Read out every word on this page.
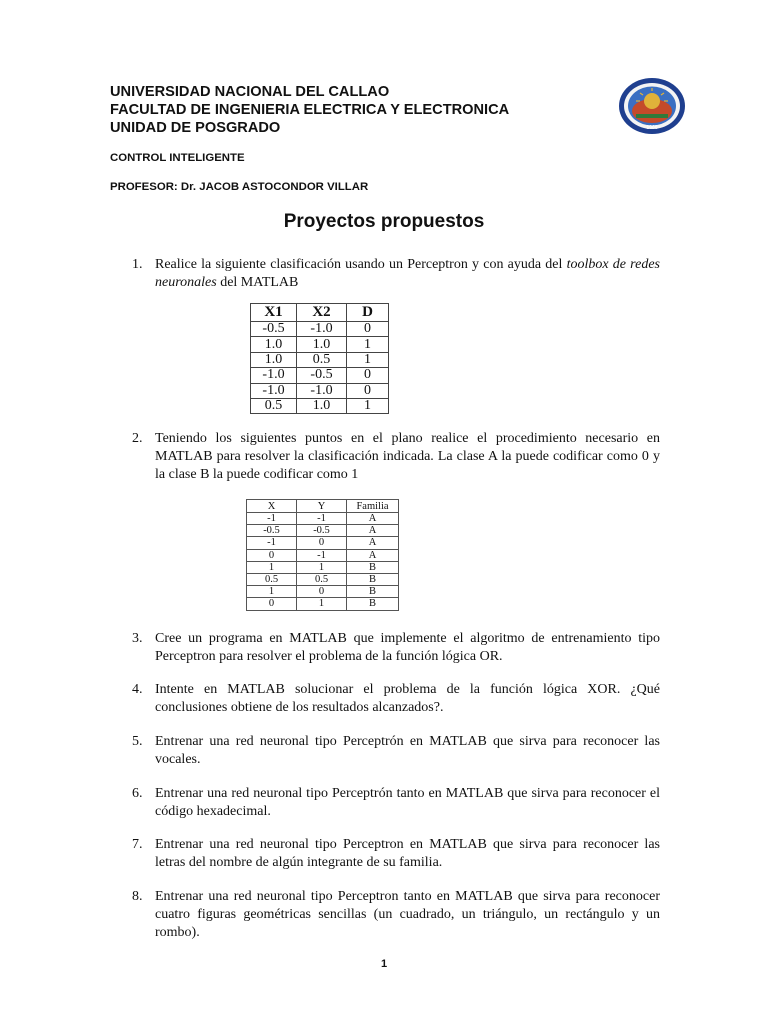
UNIVERSIDAD NACIONAL DEL CALLAO
FACULTAD DE INGENIERIA ELECTRICA Y ELECTRONICA
UNIDAD DE POSGRADO	1966
CONTROL INTELIGENTE
PROFESOR: Dr. JACOB ASTOCONDOR VILLAR
Proyectos propuestos
1. Realice la siguiente clasificación usando un Perceptron y con ayuda del toolbox de redes neuronales del MATLAB
X1	X2	D
-0.5	-1.0	0
1.0	1.0	1
1.0	0.5	1
-1.0	-0.5	0
-1.0	-1.0	0
0.5	1.0	1
2. Teniendo los siguientes puntos en el plano realice el procedimiento necesario en MATLAB para resolver la clasificación indicada. La clase A la puede codificar como 0 y la clase B la puede codificar como 1
X	Y	Familia
-1	-1	A
-0.5	-0.5	A
-1	0	A
0	-1	A
1	1	B
0.5	0.5	B
1	0	B
0	1	B
3. Cree un programa en MATLAB que implemente el algoritmo de entrenamiento tipo Perceptron para resolver el problema de la función lógica OR.
4. Intente en MATLAB solucionar el problema de la función lógica XOR. ¿Qué conclusiones obtiene de los resultados alcanzados?.
5. Entrenar una red neuronal tipo Perceptrón en MATLAB que sirva para reconocer las vocales.
6. Entrenar una red neuronal tipo Perceptrón tanto en MATLAB que sirva para reconocer el código hexadecimal.
7. Entrenar una red neuronal tipo Perceptron en MATLAB que sirva para reconocer las letras del nombre de algún integrante de su familia.
8. Entrenar una red neuronal tipo Perceptron tanto en MATLAB que sirva para reconocer cuatro figuras geométricas sencillas (un cuadrado, un triángulo, un rectángulo y un rombo).
1
